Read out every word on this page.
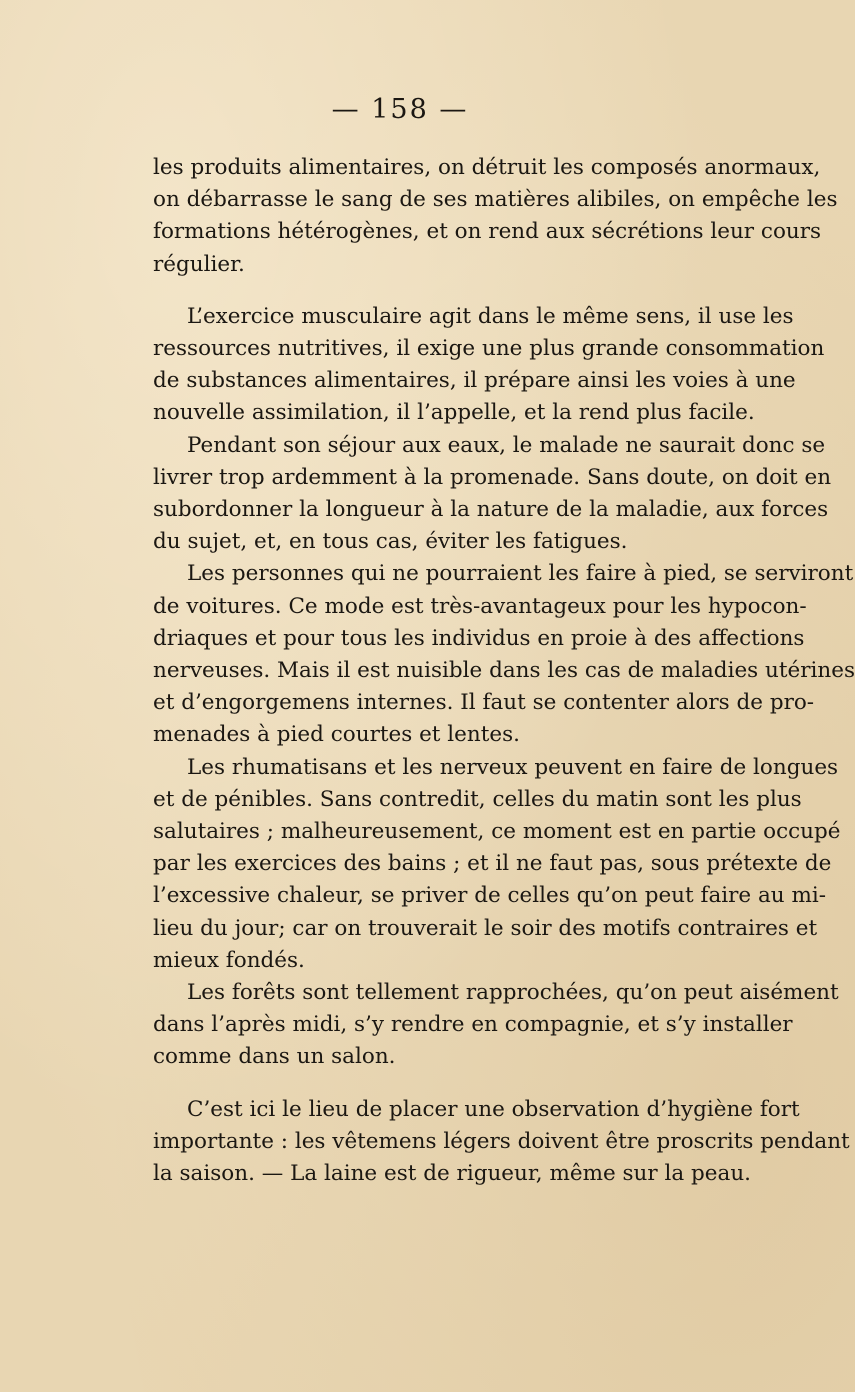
— 158 —
les produits alimentaires, on détruit les composés anormaux,
on débarrasse le sang de ses matières alibiles, on empêche les
formations hétérogènes, et on rend aux sécrétions leur cours
régulier.
L’exercice musculaire agit dans le même sens, il use les
ressources nutritives, il exige une plus grande consommation
de substances alimentaires, il prépare ainsi les voies à une
nouvelle assimilation, il l’appelle, et la rend plus facile.
Pendant son séjour aux eaux, le malade ne saurait donc se
livrer trop ardemment à la promenade. Sans doute, on doit en
subordonner la longueur à la nature de la maladie, aux forces
du sujet, et, en tous cas, éviter les fatigues.
Les personnes qui ne pourraient les faire à pied, se serviront
de voitures. Ce mode est très-avantageux pour les hypocon-
driaques et pour tous les individus en proie à des affections
nerveuses. Mais il est nuisible dans les cas de maladies utérines
et d’engorgemens internes. Il faut se contenter alors de pro-
menades à pied courtes et lentes.
Les rhumatisans et les nerveux peuvent en faire de longues
et de pénibles. Sans contredit, celles du matin sont les plus
salutaires ; malheureusement, ce moment est en partie occupé
par les exercices des bains ; et il ne faut pas, sous prétexte de
l’excessive chaleur, se priver de celles qu’on peut faire au mi-
lieu du jour; car on trouverait le soir des motifs contraires et
mieux fondés.
Les forêts sont tellement rapprochées, qu’on peut aisément
dans l’après midi, s’y rendre en compagnie, et s’y installer
comme dans un salon.
C’est ici le lieu de placer une observation d’hygiène fort
importante : les vêtemens légers doivent être proscrits pendant
la saison. — La laine est de rigueur, même sur la peau.
